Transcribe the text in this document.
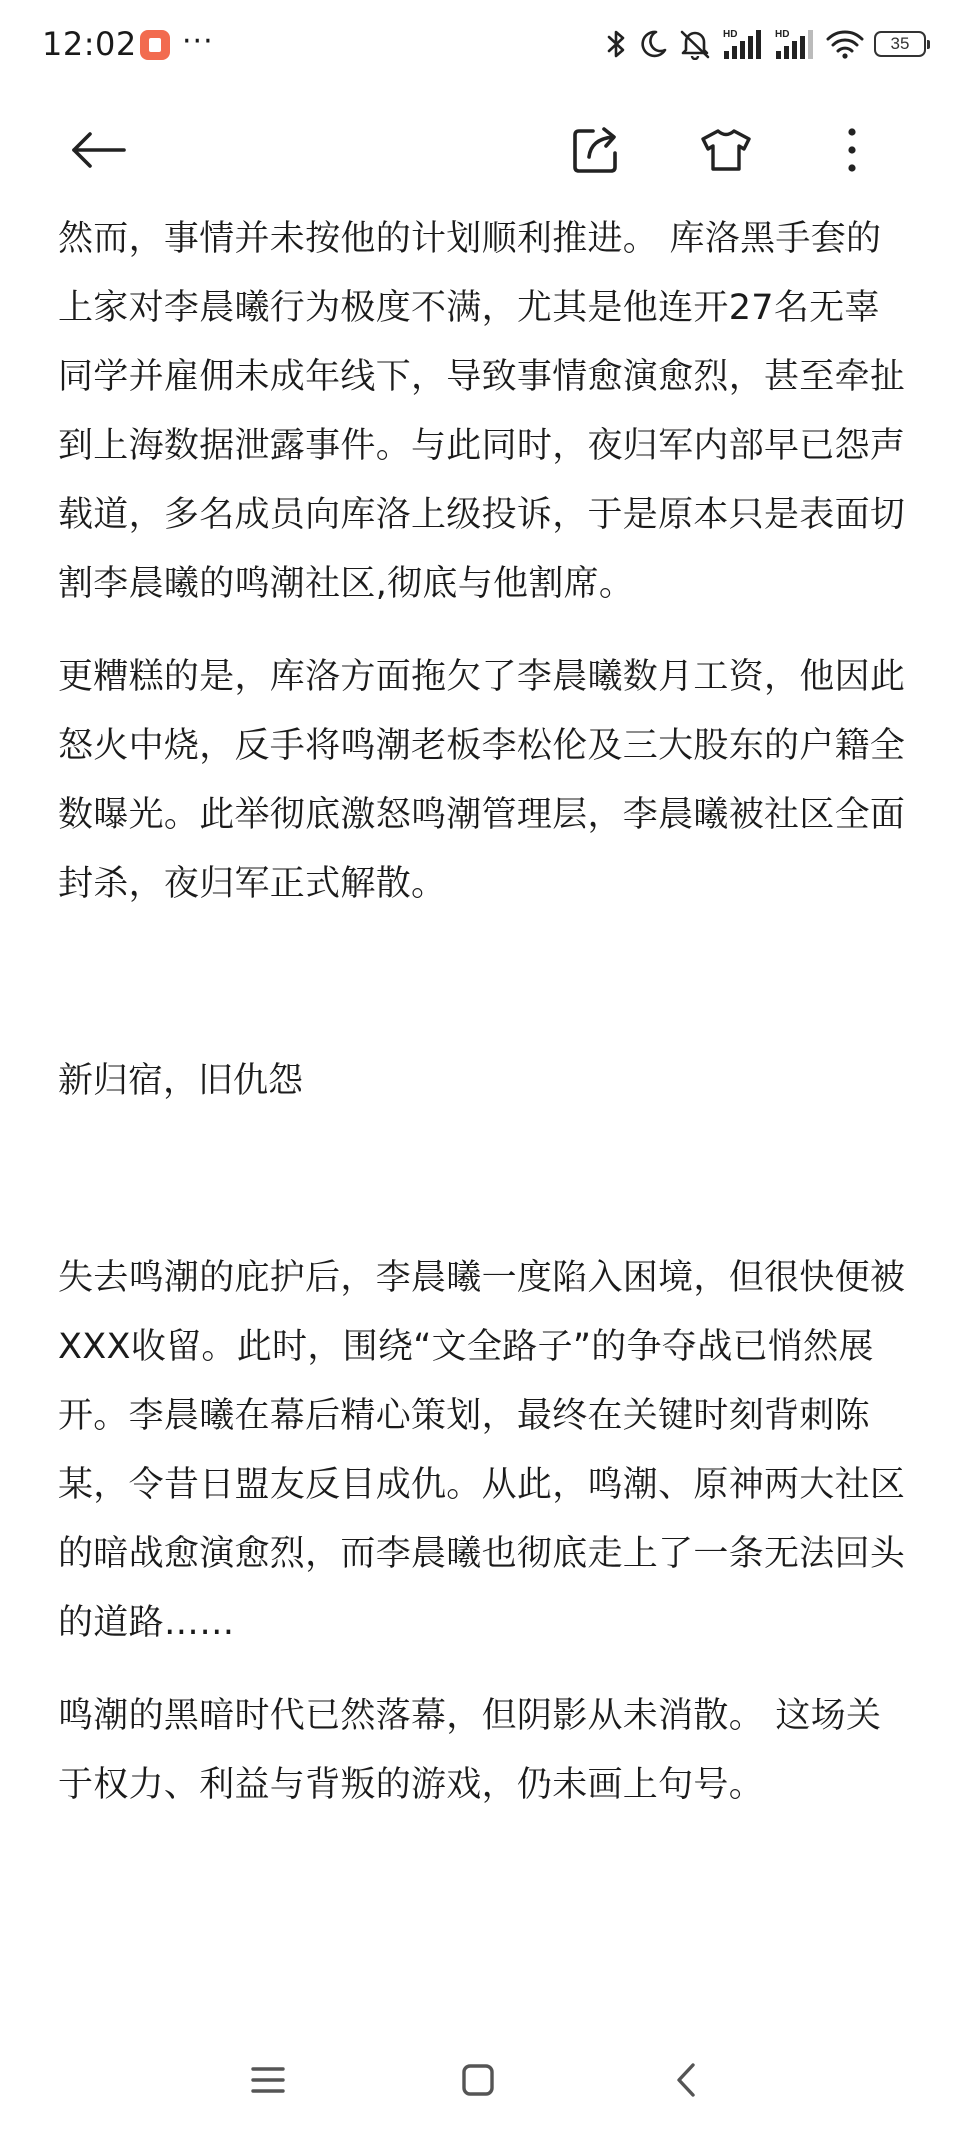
12:02 ···	HD	HD	35

然而，事情并未按他的计划顺利推进。 库洛黑手套的上家对李晨曦行为极度不满，尤其是他连开27名无辜同学并雇佣未成年线下，导致事情愈演愈烈，甚至牵扯到上海数据泄露事件。与此同时，夜归军内部早已怨声载道，多名成员向库洛上级投诉，于是原本只是表面切割李晨曦的鸣潮社区,彻底与他割席。

更糟糕的是，库洛方面拖欠了李晨曦数月工资，他因此怒火中烧，反手将鸣潮老板李松伦及三大股东的户籍全数曝光。此举彻底激怒鸣潮管理层，李晨曦被社区全面封杀，夜归军正式解散。

新归宿，旧仇怨

失去鸣潮的庇护后，李晨曦一度陷入困境，但很快便被XXX收留。此时，围绕“文全路子”的争夺战已悄然展开。李晨曦在幕后精心策划，最终在关键时刻背刺陈某，令昔日盟友反目成仇。从此，鸣潮、原神两大社区的暗战愈演愈烈，而李晨曦也彻底走上了一条无法回头的道路……

鸣潮的黑暗时代已然落幕，但阴影从未消散。 这场关于权力、利益与背叛的游戏，仍未画上句号。
